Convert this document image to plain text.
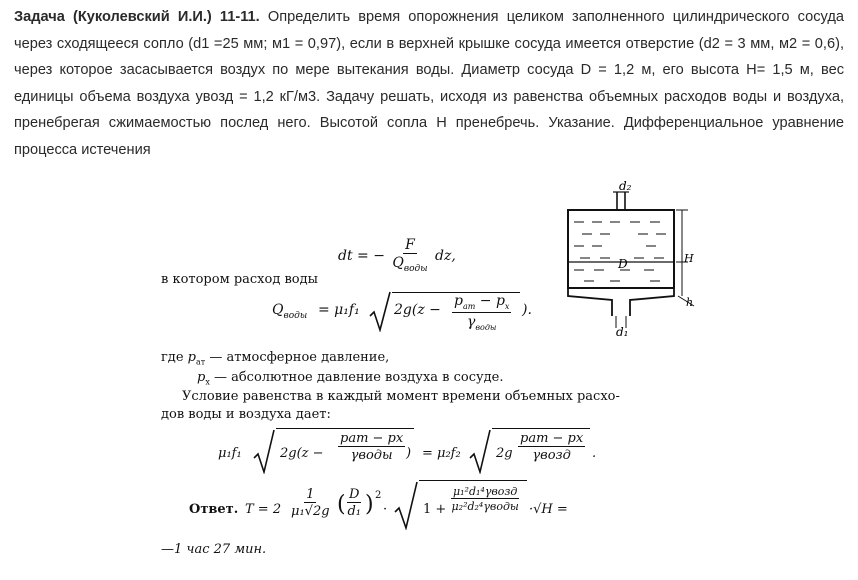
Задача (Куколевский И.И.) 11-11. Определить время опорожнения целиком заполненного цилиндрического сосуда через сходящееся сопло (d1 =25 мм; м1 = 0,97), если в верхней крышке сосуда имеется отверстие (d2 = 3 мм, м2 = 0,6), через которое засасывается воздух по мере вытекания воды. Диаметр сосуда D = 1,2 м, его высота H= 1,5 м, вес единицы объема воздуха увозд = 1,2 кГ/м3. Задачу решать, исходя из равенства объемных расходов воды и воздуха, пренебрегая сжимаемостью послед него. Высотой сопла H пренебречь. Указание. Дифференциальное уравнение процесса истечения
dt = − $\frac{F}{Q_{воды}}$ dz,
в котором расход воды
$Q_{воды} = \mu_1f_1$ 2g(z −
$p_{ат} - p_x$
$\gamma_{воды}$
).
где $p_{ат}$ — атмосферное давление,
$p_x$ — абсолютное давление воздуха в сосуде.
Условие равенства в каждый момент времени объемных расхо-
дов воды и воздуха дает:
μ₁f₁	2g(z −
pат − px
γводы ) = μ₂f₂	2g
pат − px
γвозд .
Ответ. $T = 2 \frac{1}{\text{μ₁√2g}}$ ( $\frac{D}{\text{d₁}}$ ) 2
·	1 +
μ₁²d₁⁴γвозд
μ₂²d₂⁴γводы ·√H =
—1 час 27 мин.
d₂
D	H
h
d₁
